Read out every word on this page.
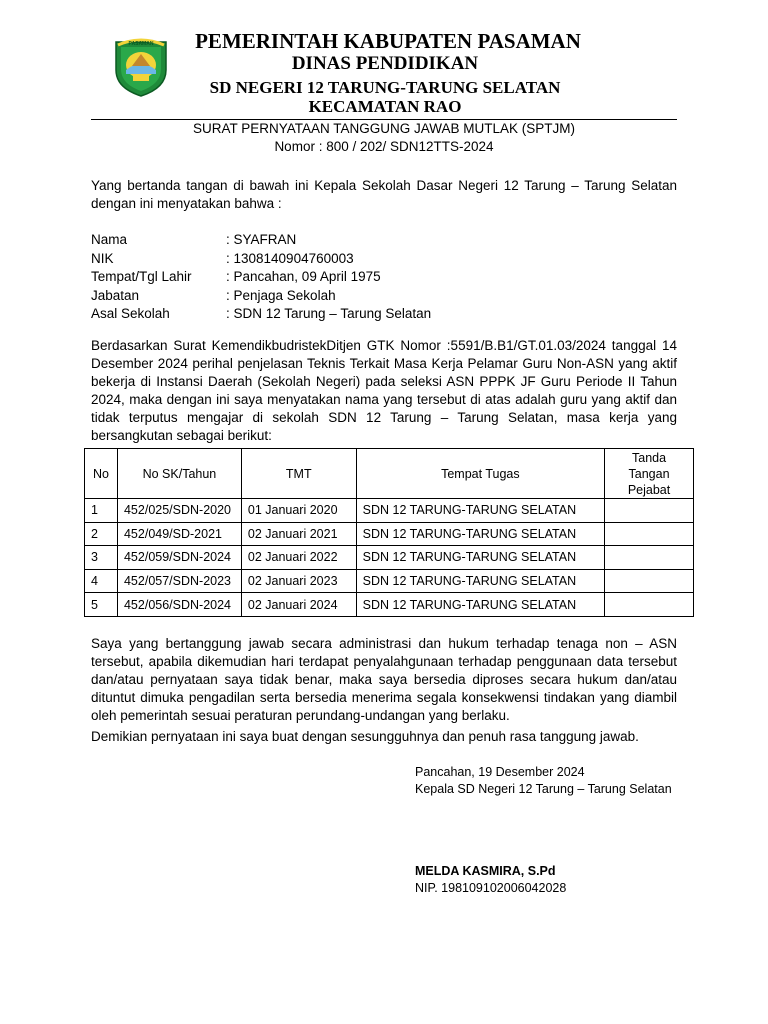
PASAMAN	PEMERINTAH KABUPATEN PASAMAN
DINAS PENDIDIKAN
SD NEGERI 12 TARUNG-TARUNG SELATAN
KECAMATAN RAO
SURAT PERNYATAAN TANGGUNG JAWAB MUTLAK (SPTJM)
Nomor : 800 / 202/ SDN12TTS-2024
Yang bertanda tangan di bawah ini Kepala Sekolah Dasar Negeri 12 Tarung – Tarung Selatan dengan ini menyatakan bahwa :
Nama	: SYAFRAN
NIK	: 1308140904760003
Tempat/Tgl Lahir	: Pancahan, 09 April 1975
Jabatan	: Penjaga Sekolah
Asal Sekolah	: SDN 12 Tarung – Tarung Selatan
Berdasarkan Surat KemendikbudristekDitjen GTK Nomor :5591/B.B1/GT.01.03/2024 tanggal 14 Desember 2024 perihal penjelasan Teknis Terkait Masa Kerja Pelamar Guru Non-ASN yang aktif bekerja di Instansi Daerah (Sekolah Negeri) pada seleksi ASN PPPK JF Guru Periode II Tahun 2024, maka dengan ini saya menyatakan nama yang tersebut di atas adalah guru yang aktif dan tidak terputus mengajar di sekolah SDN 12 Tarung – Tarung Selatan, masa kerja yang bersangkutan sebagai berikut:
No	No SK/Tahun	TMT	Tempat Tugas	Tanda Tangan Pejabat
1	452/025/SDN-2020	01 Januari 2020	SDN 12 TARUNG-TARUNG SELATAN	
2	452/049/SD-2021	02 Januari 2021	SDN 12 TARUNG-TARUNG SELATAN	
3	452/059/SDN-2024	02 Januari 2022	SDN 12 TARUNG-TARUNG SELATAN	
4	452/057/SDN-2023	02 Januari 2023	SDN 12 TARUNG-TARUNG SELATAN	
5	452/056/SDN-2024	02 Januari 2024	SDN 12 TARUNG-TARUNG SELATAN	
Saya yang bertanggung jawab secara administrasi dan hukum terhadap tenaga non – ASN tersebut, apabila dikemudian hari terdapat penyalahgunaan terhadap penggunaan data tersebut dan/atau pernyataan saya tidak benar, maka saya bersedia diproses secara hukum dan/atau dituntut dimuka pengadilan serta bersedia menerima segala konsekwensi tindakan yang diambil oleh pemerintah sesuai peraturan perundang-undangan yang berlaku.
Demikian pernyataan ini saya buat dengan sesungguhnya dan penuh rasa tanggung jawab.
Pancahan, 19 Desember 2024
Kepala SD Negeri 12 Tarung – Tarung Selatan
MELDA KASMIRA, S.Pd
NIP. 198109102006042028
